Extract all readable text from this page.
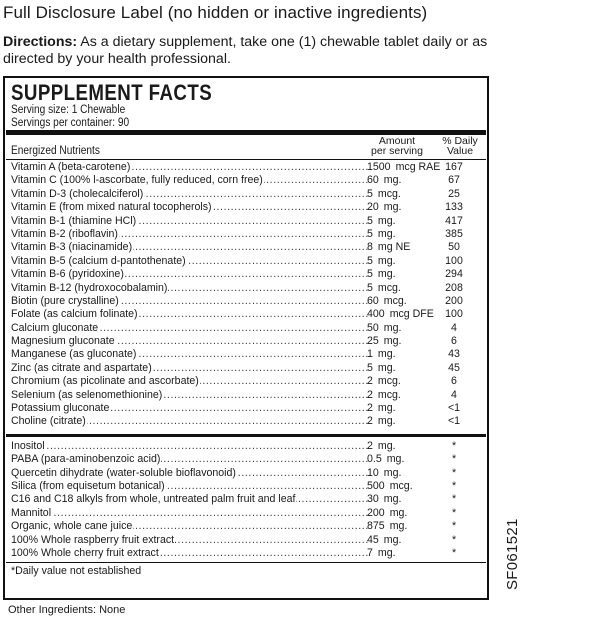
Full Disclosure Label (no hidden or inactive ingredients)
Directions: As a dietary supplement, take one (1) chewable tablet daily or as directed by your health professional.
SUPPLEMENT FACTS
Serving size: 1 Chewable
Servings per container: 90
Energized Nutrients
Amount
per serving
% Daily
Value
Vitamin A (beta-carotene) .....	1500 mcg RAE 167
Vitamin C (100% l-ascorbate, fully reduced, corn free) .....	60 mg.	67
Vitamin D-3 (cholecalciferol) .....	5 mcg.	25
Vitamin E (from mixed natural tocopherols) .....	20 mg.	133
Vitamin B-1 (thiamine HCl) .....	5 mg.	417
Vitamin B-2 (riboflavin) .....	5 mg.	385
Vitamin B-3 (niacinamide) .....	8 mg NE	50
Vitamin B-5 (calcium d-pantothenate) .....	5 mg.	100
Vitamin B-6 (pyridoxine) .....	5 mg.	294
Vitamin B-12 (hydroxocobalamin) .....	5 mcg.	208
Biotin (pure crystalline) .....	60 mcg.	200
Folate (as calcium folinate) .....	400 mcg DFE	100
Calcium gluconate .....	50 mg.	4
Magnesium gluconate .....	25 mg.	6
Manganese (as gluconate) .....	1 mg.	43
Zinc (as citrate and aspartate) .....	5 mg.	45
Chromium (as picolinate and ascorbate) .....	2 mcg.	6
Selenium (as selenomethionine) .....	2 mcg.	4
Potassium gluconate .....	2 mg.	<1
Choline (citrate) .....	2 mg.	<1
Inositol .....	2 mg.	*
PABA (para-aminobenzoic acid) .....	0.5 mg.	*
Quercetin dihydrate (water-soluble bioflavonoid) .....	10 mg.	*
Silica (from equisetum botanical) .....	500 mcg.	*
C16 and C18 alkyls from whole, untreated palm fruit and leaf .....	30 mg.	*
Mannitol .....	200 mg.	*
Organic, whole cane juice .....	875 mg.	*
100% Whole raspberry fruit extract .....	45 mg.	*
100% Whole cherry fruit extract .....	7 mg.	*
*Daily value not established
Other Ingredients: None
SF061521
